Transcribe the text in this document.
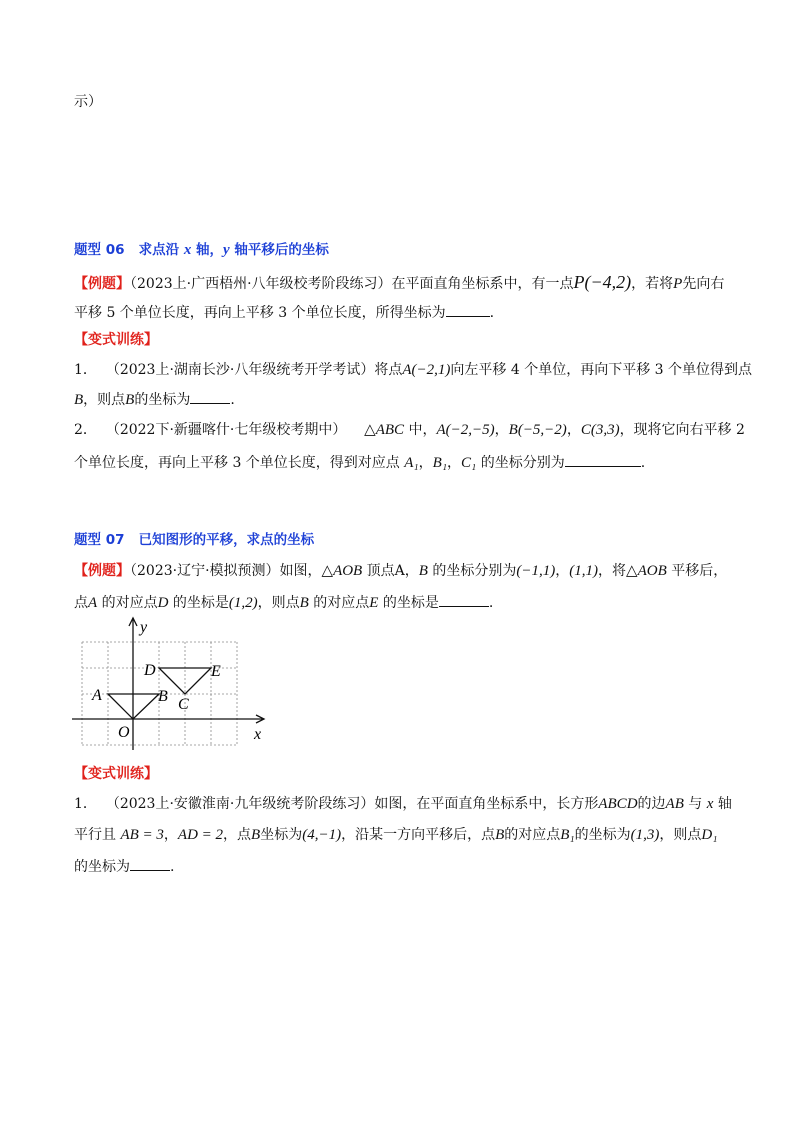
示）
题型 06 求点沿 x 轴，y 轴平移后的坐标
【例题】（2023上·广西梧州·八年级校考阶段练习）在平面直角坐标系中，有一点P(−4,2)，若将P先向右
平移 5 个单位长度，再向上平移 3 个单位长度，所得坐标为	.
【变式训练】
1． （2023上·湖南长沙·八年级统考开学考试）将点A(−2,1)向左平移 4 个单位，再向下平移 3 个单位得到点
B，则点B的坐标为	.
2． （2022下·新疆喀什·七年级校考期中） △ABC 中，A(−2,−5)，B(−5,−2)，C(3,3)，现将它向右平移 2
个单位长度，再向上平移 3 个单位长度，得到对应点 A₁，B₁，C₁ 的坐标分别为	.
题型 07 已知图形的平移，求点的坐标
【例题】（2023·辽宁·模拟预测）如图，△AOB 顶点A，B 的坐标分别为(−1,1)，(1,1)，将△AOB 平移后，
点A 的对应点D 的坐标是(1,2)，则点B 的对应点E 的坐标是	.
y
x
D	E
A	B C
O
【变式训练】
1． （2023上·安徽淮南·九年级统考阶段练习）如图，在平面直角坐标系中，长方形ABCD的边AB 与 x 轴
平行且 AB = 3，AD = 2，点B坐标为(4,−1)，沿某一方向平移后，点B的对应点B₁的坐标为(1,3)，则点D₁
的坐标为	.
